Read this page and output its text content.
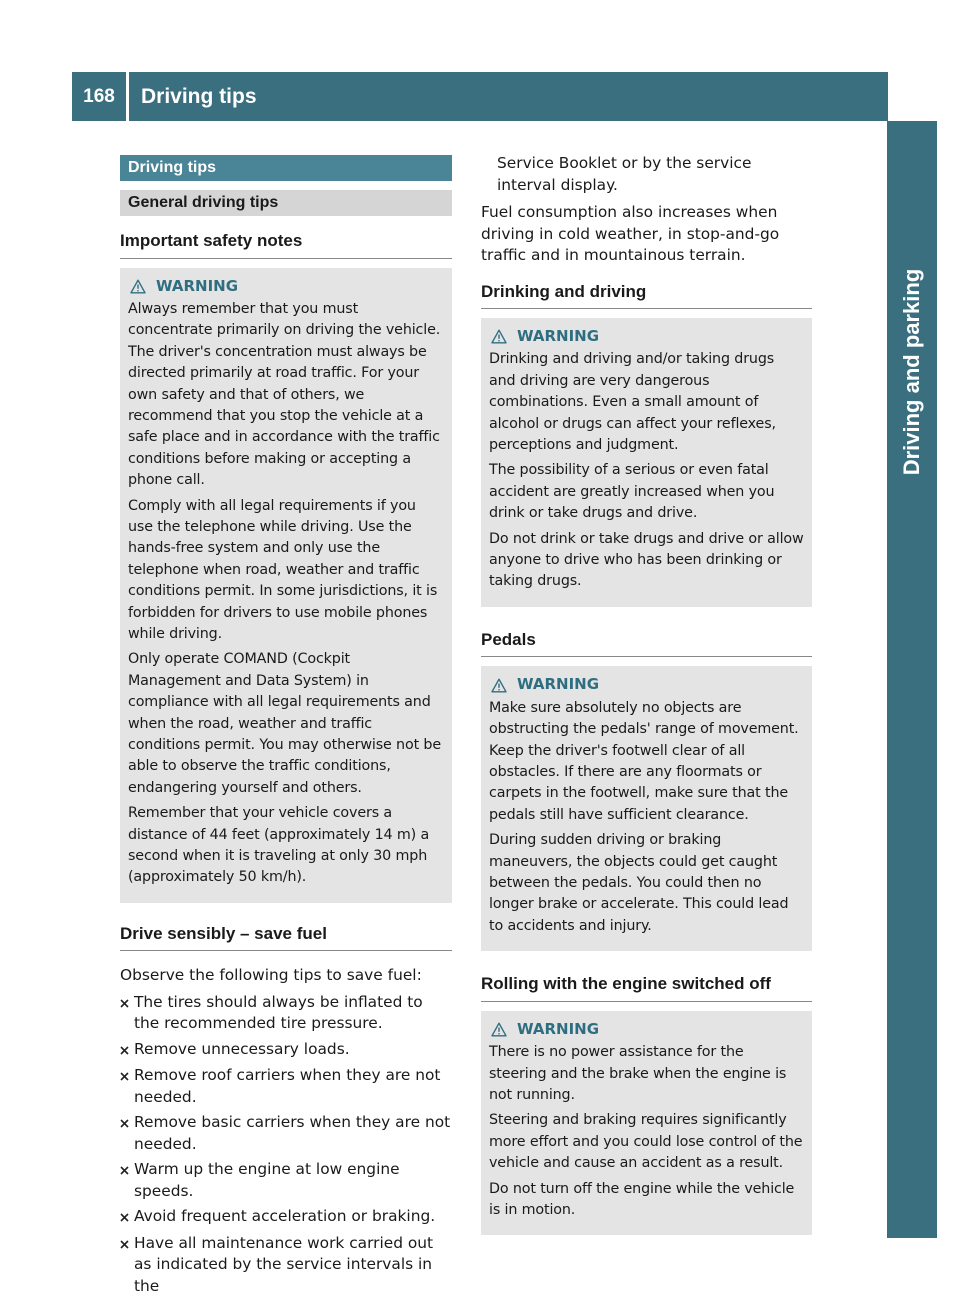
168	Driving tips
Driving and parking
Driving tips
General driving tips
Important safety notes
WARNING

Always remember that you must concentrate primarily on driving the vehicle. The driver's concentration must always be directed primarily at road traffic. For your own safety and that of others, we recommend that you stop the vehicle at a safe place and in accordance with the traffic conditions before making or accepting a phone call.

Comply with all legal requirements if you use the telephone while driving. Use the hands-free system and only use the telephone when road, weather and traffic conditions permit. In some jurisdictions, it is forbidden for drivers to use mobile phones while driving.

Only operate COMAND (Cockpit Management and Data System) in compliance with all legal requirements and when the road, weather and traffic conditions permit. You may otherwise not be able to observe the traffic conditions, endangering yourself and others.

Remember that your vehicle covers a distance of 44 feet (approximately 14 m) a second when it is traveling at only 30 mph (approximately 50 km/h).

Drive sensibly – save fuel

Observe the following tips to save fuel:

The tires should always be inflated to the recommended tire pressure.
Remove unnecessary loads.
Remove roof carriers when they are not needed.
Remove basic carriers when they are not needed.
Warm up the engine at low engine speeds.
Avoid frequent acceleration or braking.
Have all maintenance work carried out as indicated by the service intervals in the

Service Booklet or by the service interval display.

Fuel consumption also increases when driving in cold weather, in stop-and-go traffic and in mountainous terrain.

Drinking and driving
WARNING

Drinking and driving and/or taking drugs and driving are very dangerous combinations. Even a small amount of alcohol or drugs can affect your reflexes, perceptions and judgment.

The possibility of a serious or even fatal accident are greatly increased when you drink or take drugs and drive.

Do not drink or take drugs and drive or allow anyone to drive who has been drinking or taking drugs.

Pedals
WARNING

Make sure absolutely no objects are obstructing the pedals' range of movement. Keep the driver's footwell clear of all obstacles. If there are any floormats or carpets in the footwell, make sure that the pedals still have sufficient clearance.

During sudden driving or braking maneuvers, the objects could get caught between the pedals. You could then no longer brake or accelerate. This could lead to accidents and injury.

Rolling with the engine switched off
WARNING

There is no power assistance for the steering and the brake when the engine is not running.

Steering and braking requires significantly more effort and you could lose control of the vehicle and cause an accident as a result.

Do not turn off the engine while the vehicle is in motion.
